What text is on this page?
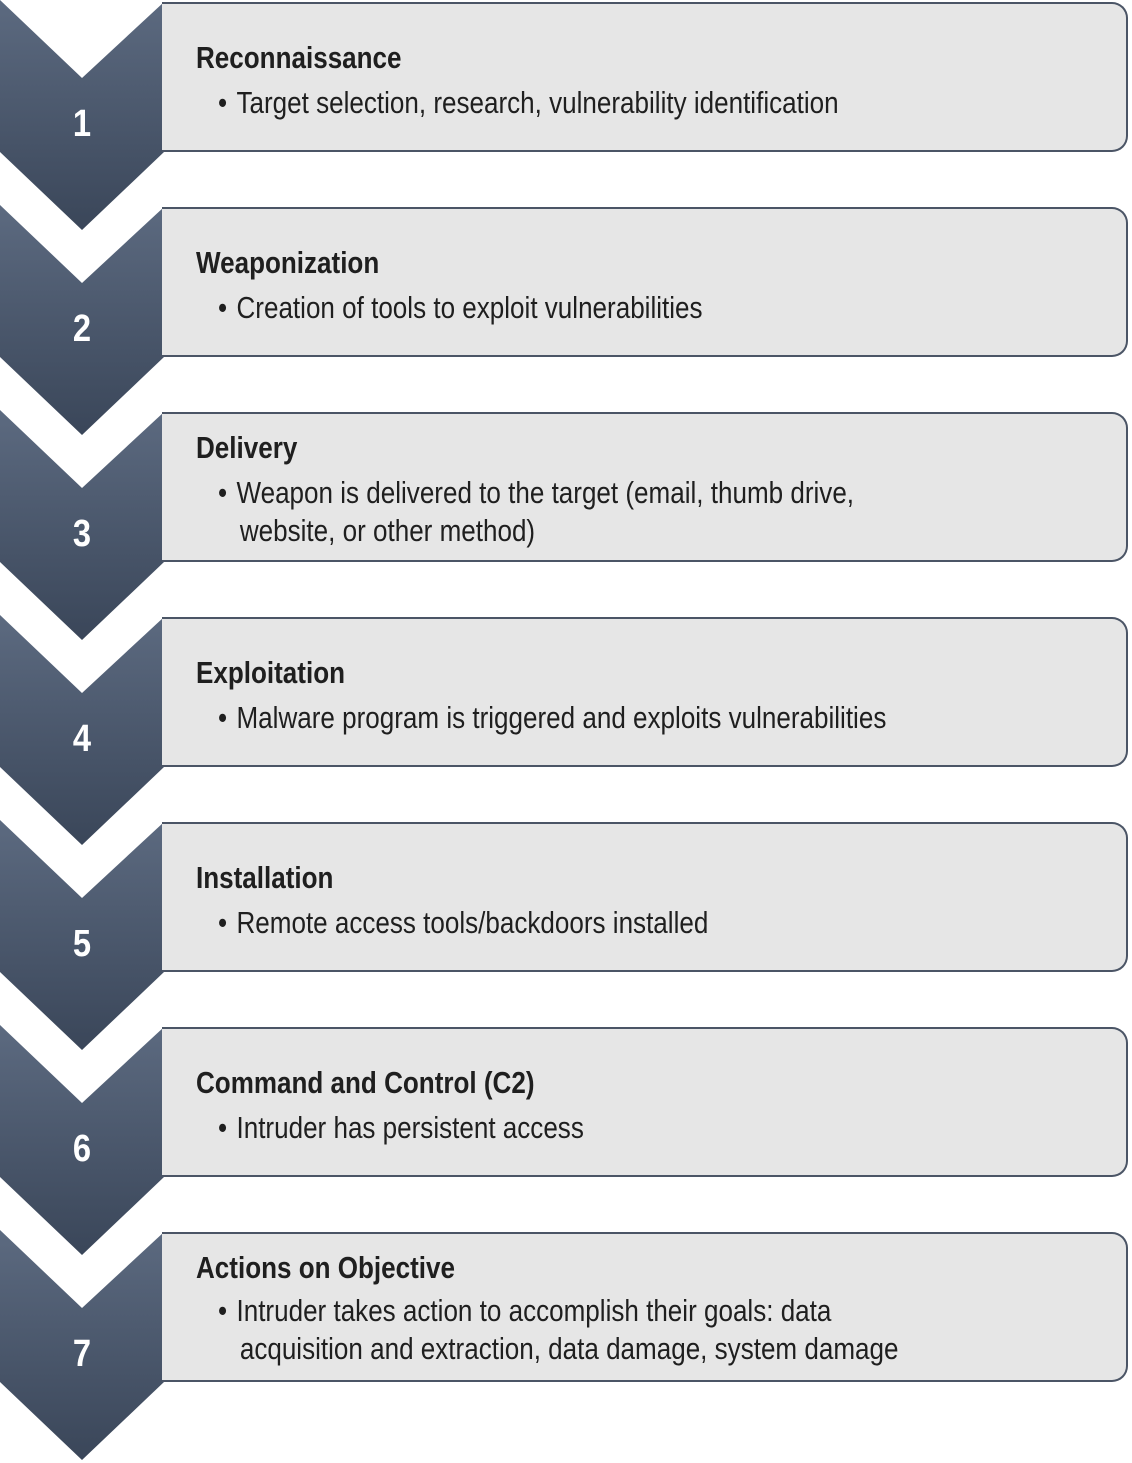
1
Reconnaissance
• Target selection, research, vulnerability identification
2
Weaponization
• Creation of tools to exploit vulnerabilities
3
Delivery
• Weapon is delivered to the target (email, thumb drive,
website, or other method)
4
Exploitation
• Malware program is triggered and exploits vulnerabilities
5
Installation
• Remote access tools/backdoors installed
6
Command and Control (C2)
• Intruder has persistent access
7
Actions on Objective
• Intruder takes action to accomplish their goals: data
acquisition and extraction, data damage, system damage
